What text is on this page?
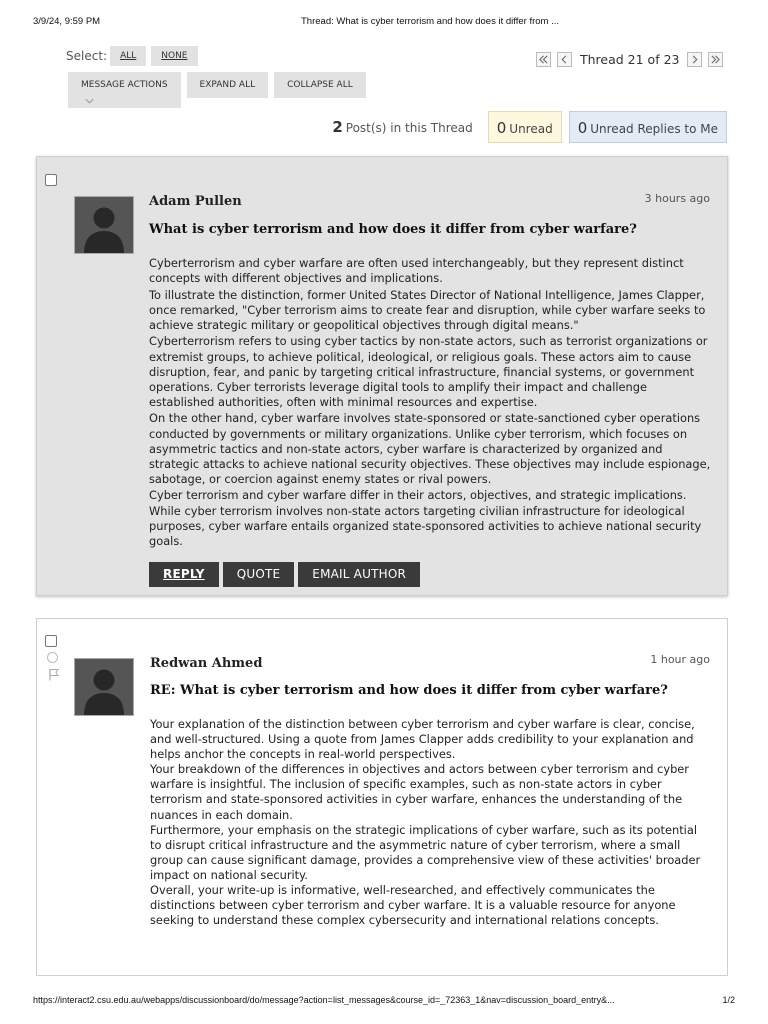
3/9/24, 9:59 PM	Thread: What is cyber terrorism and how does it differ from ...
Select:	ALL	NONE	Thread 21 of 23
MESSAGE ACTIONS	EXPAND ALL	COLLAPSE ALL
2 Post(s) in this Thread	0 Unread	0 Unread Replies to Me
Adam Pullen	3 hours ago
What is cyber terrorism and how does it differ from cyber warfare?

Cyberterrorism and cyber warfare are often used interchangeably, but they represent distinct concepts with different objectives and implications.

To illustrate the distinction, former United States Director of National Intelligence, James Clapper, once remarked, "Cyber terrorism aims to create fear and disruption, while cyber warfare seeks to achieve strategic military or geopolitical objectives through digital means."

Cyberterrorism refers to using cyber tactics by non-state actors, such as terrorist organizations or extremist groups, to achieve political, ideological, or religious goals. These actors aim to cause disruption, fear, and panic by targeting critical infrastructure, financial systems, or government operations. Cyber terrorists leverage digital tools to amplify their impact and challenge established authorities, often with minimal resources and expertise.

On the other hand, cyber warfare involves state-sponsored or state-sanctioned cyber operations conducted by governments or military organizations. Unlike cyber terrorism, which focuses on asymmetric tactics and non-state actors, cyber warfare is characterized by organized and strategic attacks to achieve national security objectives. These objectives may include espionage, sabotage, or coercion against enemy states or rival powers.

Cyber terrorism and cyber warfare differ in their actors, objectives, and strategic implications. While cyber terrorism involves non-state actors targeting civilian infrastructure for ideological purposes, cyber warfare entails organized state-sponsored activities to achieve national security goals.

REPLY	QUOTE	EMAIL AUTHOR
Redwan Ahmed	1 hour ago
RE: What is cyber terrorism and how does it differ from cyber warfare?

Your explanation of the distinction between cyber terrorism and cyber warfare is clear, concise, and well-structured. Using a quote from James Clapper adds credibility to your explanation and helps anchor the concepts in real-world perspectives.

Your breakdown of the differences in objectives and actors between cyber terrorism and cyber warfare is insightful. The inclusion of specific examples, such as non-state actors in cyber terrorism and state-sponsored activities in cyber warfare, enhances the understanding of the nuances in each domain.

Furthermore, your emphasis on the strategic implications of cyber warfare, such as its potential to disrupt critical infrastructure and the asymmetric nature of cyber terrorism, where a small group can cause significant damage, provides a comprehensive view of these activities' broader impact on national security.

Overall, your write-up is informative, well-researched, and effectively communicates the distinctions between cyber terrorism and cyber warfare. It is a valuable resource for anyone seeking to understand these complex cybersecurity and international relations concepts.

https://interact2.csu.edu.au/webapps/discussionboard/do/message?action=list_messages&course_id=_72363_1&nav=discussion_board_entry&...	1/2
